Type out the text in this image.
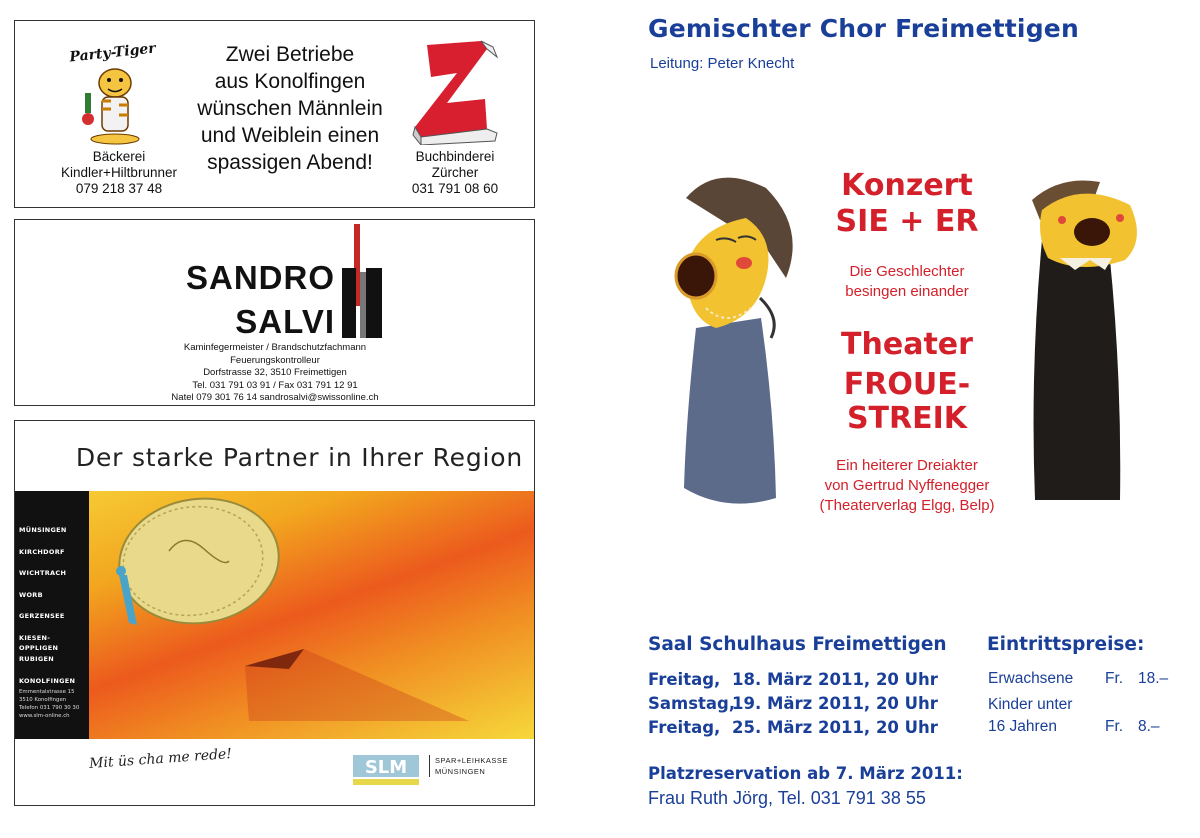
Party-Tiger
Bäckerei
Kindler+Hiltbrunner
079 218 37 48
Zwei Betriebe
aus Konolfingen
wünschen Männlein
und Weiblein einen
spassigen Abend!	Buchbinderei
Zürcher
031 791 08 60
SANDRO
SALVI
Kaminfegermeister / Brandschutzfachmann
Feuerungskontrolleur
Dorfstrasse 32, 3510 Freimettigen
Tel. 031 791 03 91 / Fax 031 791 12 91
Natel 079 301 76 14 sandrosalvi@swissonline.ch
Der starke Partner in Ihrer Region
MÜNSINGEN
KIRCHDORF
WICHTRACH
WORB
GERZENSEE
KIESEN-OPPLIGEN
RUBIGEN
KONOLFINGEN
Emmentalstrasse 15
3510 Konolfingen
Telefon 031 790 30 30
www.slm-online.ch
Mit üs cha me rede!	SLM	SPAR+LEIHKASSE
MÜNSINGEN
Gemischter Chor Freimettigen
Leitung: Peter Knecht
Konzert
SIE + ER
Die Geschlechter
besingen einander
Theater
FROUE-
STREIK
Ein heiterer Dreiakter
von Gertrud Nyffenegger
(Theaterverlag Elgg, Belp)
Saal Schulhaus Freimettigen
Freitag, 18. März 2011, 20 Uhr
Samstag,19. März 2011, 20 Uhr
Freitag, 25. März 2011, 20 Uhr
Platzreservation ab 7. März 2011:
Frau Ruth Jörg, Tel. 031 791 38 55
Eintrittspreise:
Erwachsene Fr. 18.–
Kinder unter
16 Jahren	Fr. 8.–
